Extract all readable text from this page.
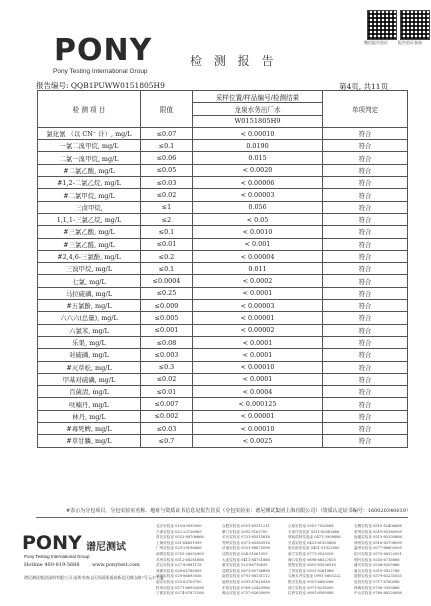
PONY
Pony Testing International Group
检 测 报 告
微信报告验证	报告验证查询
报告编号: QQB1PUWW0151805H9	第4页, 共11页
检 测 项 目	限值	采样位置/样品编号/检测结果	单项判定
		龙泉水务出厂水	
		W0151805H9	
氯化氰 （以 CN⁻ 计）, mg/L	≤0.07	< 0.00010	符合
一氯二溴甲烷, mg/L	≤0.1	0.0190	符合
二氯一溴甲烷, mg/L	≤0.06	0.015	符合
#二氯乙酸, mg/L	≤0.05	< 0.0020	符合
#1,2-二氯乙烷, mg/L	≤0.03	< 0.00006	符合
#二氯甲烷, mg/L	≤0.02	< 0.00003	符合
三卤甲烷,	≤1	0.056	符合
1,1,1-三氯乙烷, mg/L	≤2	< 0.05	符合
#三氯乙酸, mg/L	≤0.1	< 0.0010	符合
#三氯乙醛, mg/L	≤0.01	< 0.001	符合
#2,4,6-三氯酚, mg/L	≤0.2	< 0.00004	符合
三溴甲烷, mg/L	≤0.1	0.011	符合
七氯, mg/L	≤0.0004	< 0.0002	符合
马拉硫磷, mg/L	≤0.25	< 0.0001	符合
#五氯酚, mg/L	≤0.009	< 0.00003	符合
六六六(总量), mg/L	≤0.005	< 0.00001	符合
六氯苯, mg/L	≤0.001	< 0.00002	符合
乐果, mg/L	≤0.08	< 0.0001	符合
对硫磷, mg/L	≤0.003	< 0.0001	符合
#灭草松, mg/L	≤0.3	< 0.00010	符合
甲基对硫磷, mg/L	≤0.02	< 0.0001	符合
百菌清, mg/L	≤0.01	< 0.0004	符合
呋喃丹, mg/L	≤0.007	< 0.000125	符合
林丹, mg/L	≤0.002	< 0.00001	符合
#毒死蜱, mg/L	≤0.03	< 0.00010	符合
#草甘膦, mg/L	≤0.7	< 0.0025	符合
#表示为分包项目，分包实验室名称、地址与资质证书信息见报告首页（分包实验室：谱尼测试集团上海有限公司）（资质认定证书编号：160020340019）
PONY 谱尼测试
Pony Testing International Group
Hotline 400-819-5688 www.ponytest.com
谱尼测试集团深圳有限公司 深圳市南山区西丽街道高新北区朗山路7号元丰大厦
北京实验室 010-83055000
天津实验室 022-23726969
青岛实验室 0532-88706866
上海实验室 021-64851999
广州实验室 020-29196666
深圳实验室 0755-26050909
苏州实验室 0512-68281688
武汉实验室 027-83981118
成都实验室 028-65780009
西安实验室 029-86693036
南京实验室 025-83709700
杭州实验室 0571-86950588
宁波实验室 0574-87872168
合肥实验室 0551-63511211
厦门实验室 0592-5162700
长沙实验室 0731-85515816
郑州实验室 0371-63383918
济南实验室 0531-88875098
沈阳实验室 024-31061919
大连实验室 0411-84751888
重庆实验室 023-86718839
昆明实验室 0871-65736888
南昌实验室 0791-88131112
福州实验室 0591-87616958
东莞实验室 0769-22420966
佛山实验室 0757-82630099
太原实验室 0351-7026588
石家庄实验室 0311-85383666
呼和浩特实验室 0471-3908888
长春实验室 0431-81903888
哈尔滨实验室 0451-51922800
南宁实验室 0771-5535018
海口实验室 0898-66527655
贵阳实验室 0851-85556916
兰州实验室 0931-8261966
乌鲁木齐实验室 0991-5803222
银川实验室 0951-6890288
西宁实验室 0971-8218300
拉萨实验室 0891-6599988
无锡实验室 0510-82406666
常州实验室 0519-85180009
南通实验室 0513-85330888
徐州实验室 0516-83708099
温州实验室 0577-88803005
绍兴实验室 0575-88122001
烟台实验室 0535-6716888
潍坊实验室 0536-8205966
唐山实验室 0315-5922788
洛阳实验室 0379-63235555
宜昌实验室 0717-6760088
珠海实验室 0756-3395866
中山实验室 0760-88228088
